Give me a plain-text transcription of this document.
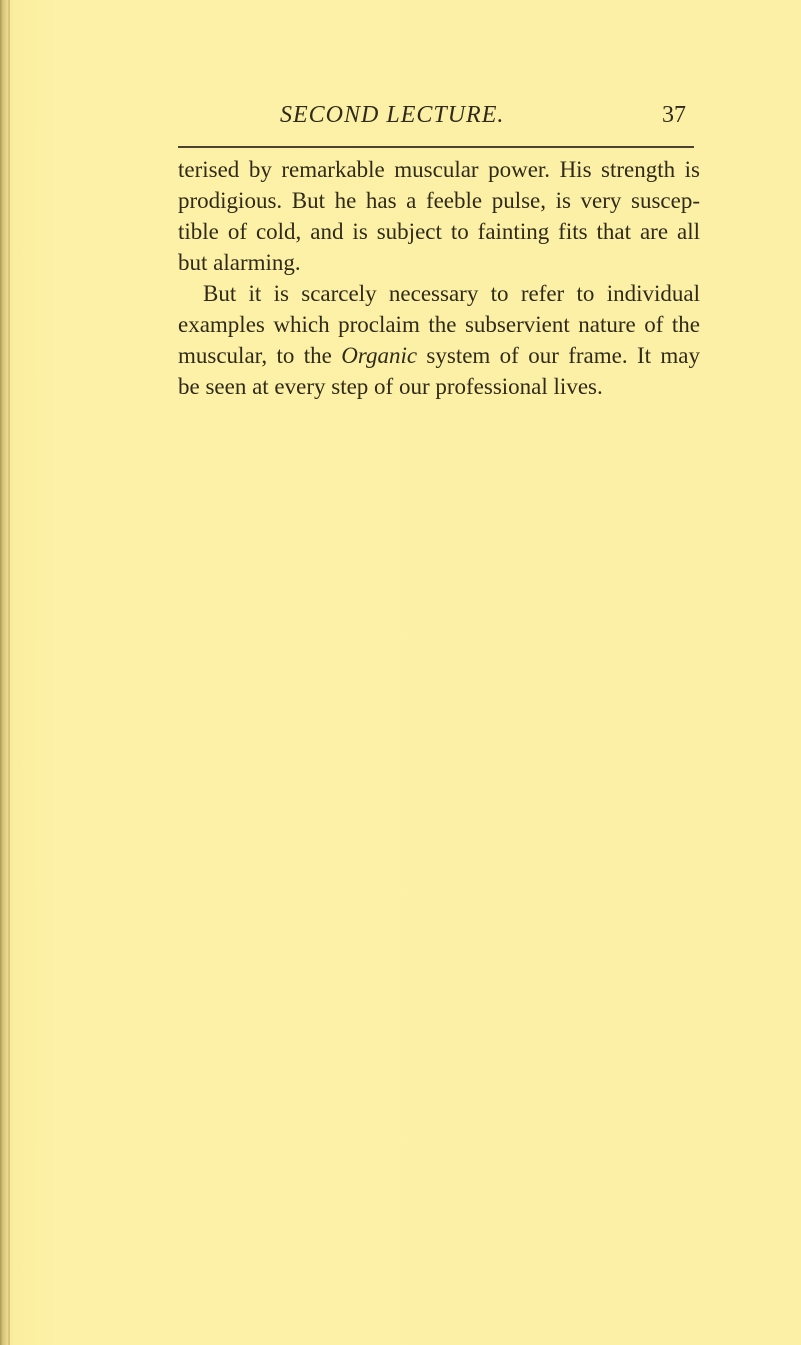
SECOND LECTURE.	37
terised by remarkable muscular power. His strength is
prodigious. But he has a feeble pulse, is very suscep-
tible of cold, and is subject to fainting fits that are all
but alarming.
But it is scarcely necessary to refer to individual
examples which proclaim the subservient nature of the
muscular, to the Organic system of our frame. It may
be seen at every step of our professional lives.
